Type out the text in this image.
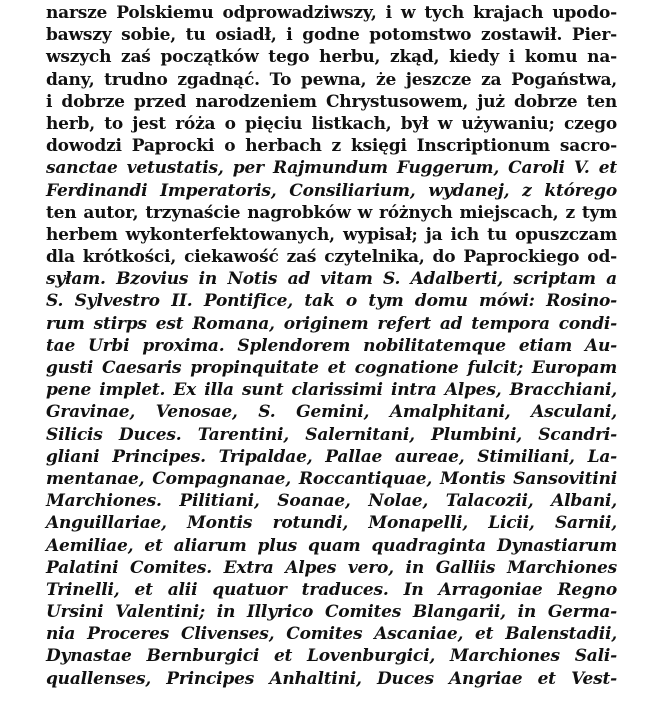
narsze Polskiemu odprowadziwszy, i w tych krajach upodo-
bawszy sobie, tu osiadł, i godne potomstwo zostawił. Pier-
wszych zaś początków tego herbu, zkąd, kiedy i komu na-
dany, trudno zgadnąć. To pewna, że jeszcze za Pogaństwa,
i dobrze przed narodzeniem Chrystusowem, już dobrze ten
herb, to jest róża o pięciu listkach, był w używaniu; czego
dowodzi Paprocki o herbach z księgi Inscriptionum sacro-
sanctae vetustatis, per Rajmundum Fuggerum, Caroli V. et
Ferdinandi Imperatoris, Consiliarium, wydanej, z którego
ten autor, trzynaście nagrobków w różnych miejscach, z tym
herbem wykonterfektowanych, wypisał; ja ich tu opuszczam
dla krótkości, ciekawość zaś czytelnika, do Paprockiego od-
syłam. Bzovius in Notis ad vitam S. Adalberti, scriptam a
S. Sylvestro II. Pontifice, tak o tym domu mówi: Rosino-
rum stirps est Romana, originem refert ad tempora condi-
tae Urbi proxima. Splendorem nobilitatemque etiam Au-
gusti Caesaris propinquitate et cognatione fulcit; Europam
pene implet. Ex illa sunt clarissimi intra Alpes, Bracchiani,
Gravinae, Venosae, S. Gemini, Amalphitani, Asculani,
Silicis Duces. Tarentini, Salernitani, Plumbini, Scandri-
gliani Principes. Tripaldae, Pallae aureae, Stimiliani, La-
mentanae, Compagnanae, Roccantiquae, Montis Sansovitini
Marchiones. Pilitiani, Soanae, Nolae, Talacozii, Albani,
Anguillariae, Montis rotundi, Monapelli, Licii, Sarnii,
Aemiliae, et aliarum plus quam quadraginta Dynastiarum
Palatini Comites. Extra Alpes vero, in Galliis Marchiones
Trinelli, et alii quatuor traduces. In Arragoniae Regno
Ursini Valentini; in Illyrico Comites Blangarii, in Germa-
nia Proceres Clivenses, Comites Ascaniae, et Balenstadii,
Dynastae Bernburgici et Lovenburgici, Marchiones Sali-
quallenses, Principes Anhaltini, Duces Angriae et Vest-
